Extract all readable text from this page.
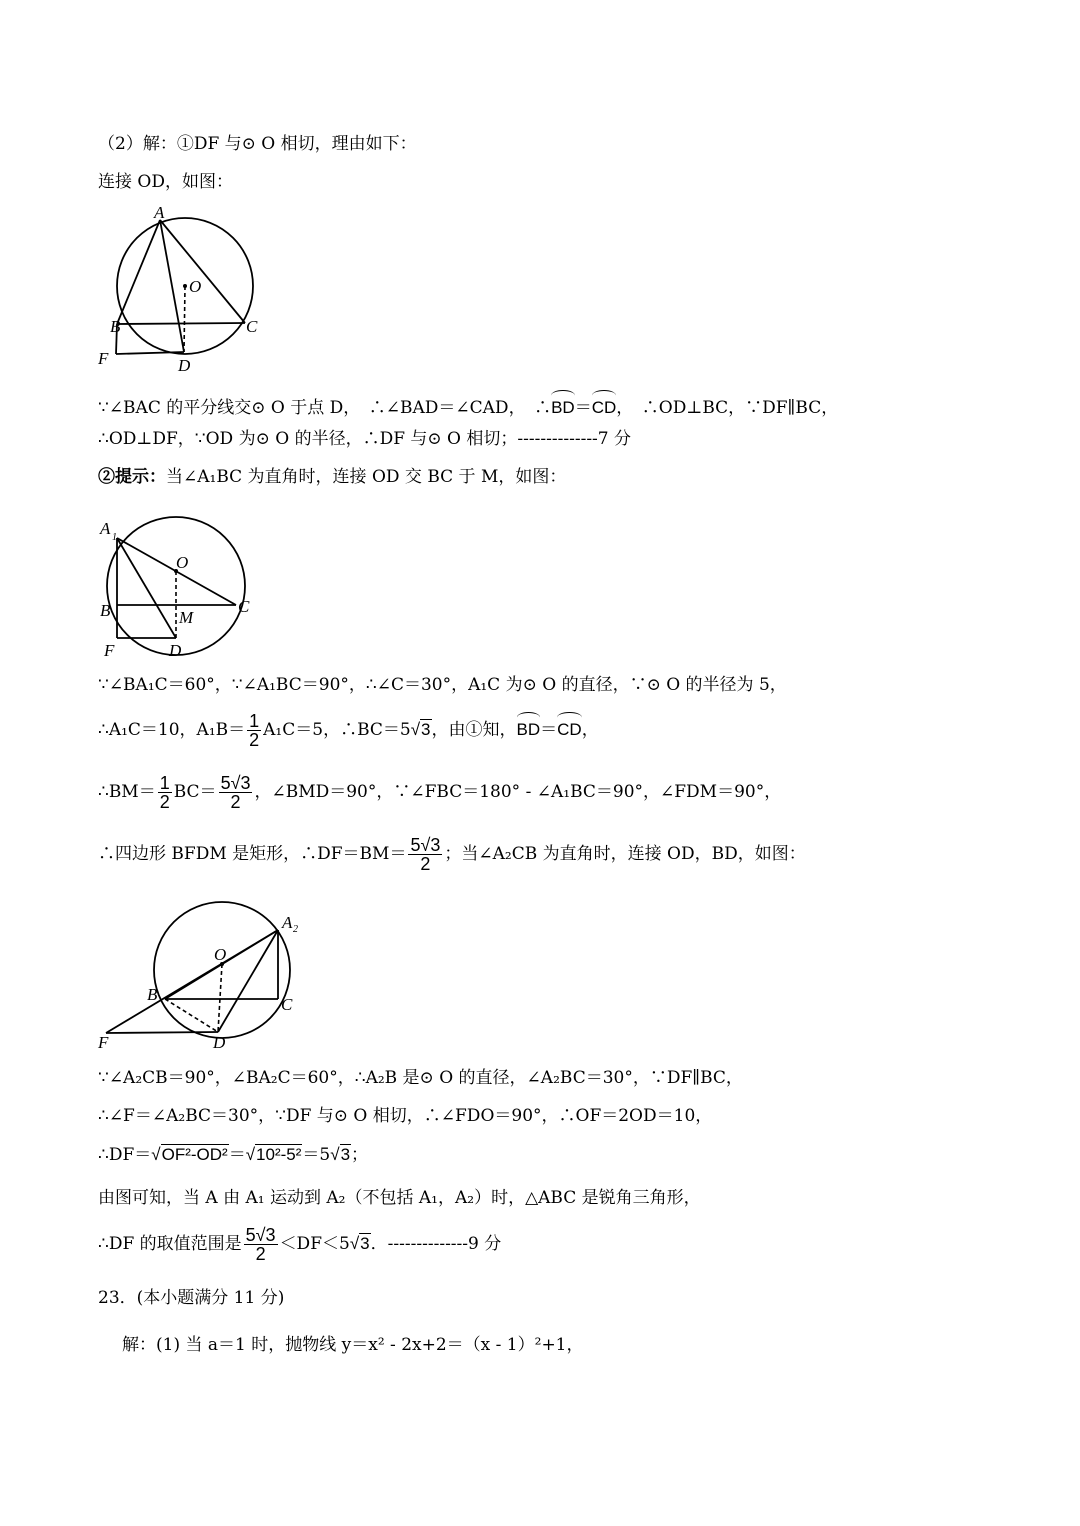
（2）解：①DF 与⊙ O 相切，理由如下：
连接 OD，如图：
A
O
B	C
F	D
∵∠BAC 的平分线交⊙ O 于点 D，　∴∠BAD＝∠CAD，　∴BD＝CD，　∴OD⊥BC，∵DF∥BC，
∴OD⊥DF，∵OD 为⊙ O 的半径，∴DF 与⊙ O 相切；--------------7 分
②提示：当∠A₁BC 为直角时，连接 OD 交 BC 于 M，如图：
A 1
O
B	C
M
F	D
∵∠BA₁C＝60°，∵∠A₁BC＝90°，∴∠C＝30°，A₁C 为⊙ O 的直径，∵⊙ O 的半径为 5，
∴A₁C＝10，$A_1B= \frac{1}{2} A_1C=5$，∴BC＝5√3，由①知，BD＝CD，
∴BM＝ $\frac{1}{2} BC= \frac{5√3}{2}$ ，∠BMD＝90°，∵∠FBC＝180° - ∠A₁BC＝90°，∠FDM＝90°，
∴四边形 BFDM 是矩形，∴DF＝BM＝ $\frac{5√3}{2}$ ；当∠A₂CB 为直角时，连接 OD，BD，如图：
A 2
O
B
C
F	D
∵∠A₂CB＝90°，∠BA₂C＝60°，∴A₂B 是⊙ O 的直径，∠A₂BC＝30°，∵DF∥BC，
∴∠F＝∠A₂BC＝30°，∵DF 与⊙ O 相切，∴∠FDO＝90°，∴OF＝2OD＝10，
∴DF＝√OF²-OD²＝√10²-5²＝5√3；
由图可知，当 A 由 A₁ 运动到 A₂（不包括 A₁，A₂）时，△ABC 是锐角三角形，
∴DF 的取值范围是 $\frac{5√3}{2} <DF<5√3$．--------------9 分
23．(本小题满分 11 分)
解：(1) 当 a＝1 时，抛物线 y＝x² - 2x+2＝（x - 1）²+1，
